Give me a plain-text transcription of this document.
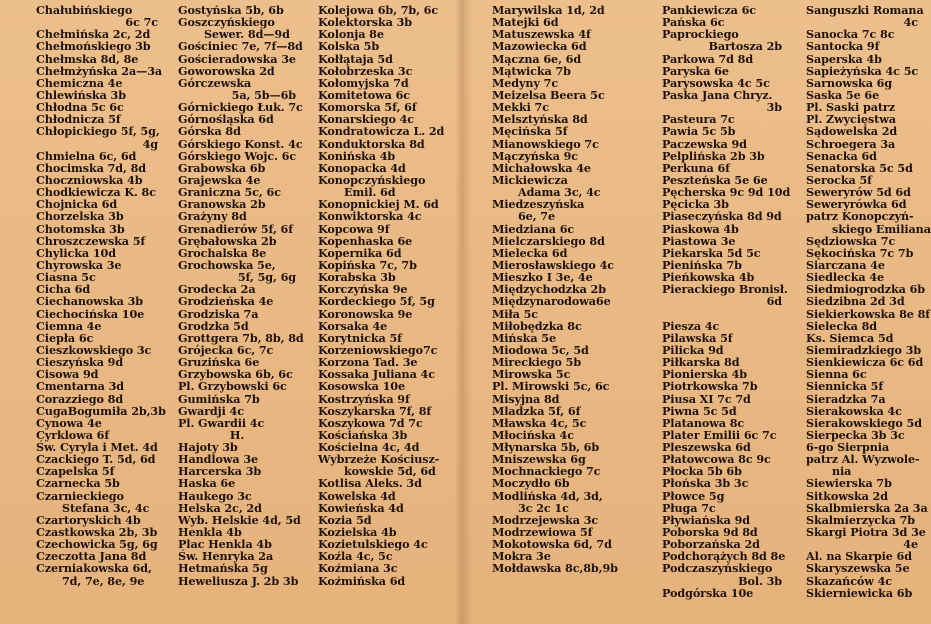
Chałubińskiego
6c 7c
Chełmińska 2c, 2d
Chełmońskiego 3b
Chełmska 8d, 8e
Chełmżyńska 2a—3a
Chemiczna 4e
Chlewińska 3b
Chłodna 5c 6c
Chłodnicza 5f
Chłopickiego 5f, 5g,
4g
Chmielna 6c, 6d
Chocimska 7d, 8d
Choczniowska 4b
Chodkiewicza K. 8c
Chojnicka 6d
Chorzelska 3b
Chotomska 3b
Chroszczewska 5f
Chylicka 10d
Chyrowska 3e
Ciasna 5c
Cicha 6d
Ciechanowska 3b
Ciechocińska 10e
Ciemna 4e
Ciepła 6c
Cieszkowskiego 3c
Cieszyńska 9d
Cisowa 9d
Cmentarna 3d
Corazziego 8d
CugaBogumiła 2b,3b
Cynowa 4e
Cyrklowa 6f
Św. Cyryla i Met. 4d
Czackiego T. 5d, 6d
Czapelska 5f
Czarnecka 5b
Czarnieckiego
Stefana 3c, 4c
Czartoryskich 4b
Czastkowska 2b, 3b
Czechowicka 5g, 6g
Czeczotta Jana 8d
Czerniakowska 6d,
7d, 7e, 8e, 9e
Gostyńska 5b, 6b
Goszczyńskiego
Sewer. 8d—9d
Gościniec 7e, 7f—8d
Gościeradowska 3e
Goworowska 2d
Górczewska
5a, 5b—6b
Górnickiego Łuk. 7c
Górnośląska 6d
Górska 8d
Górskiego Konst. 4c
Górskiego Wojc. 6c
Grabowska 6b
Grajewska 4e
Graniczna 5c, 6c
Granowska 2b
Grażyny 8d
Grenadierów 5f, 6f
Grębałowska 2b
Grochalska 8e
Grochowska 5e,
5f, 5g, 6g
Grodecka 2a
Grodzieńska 4e
Grodziska 7a
Grodzka 5d
Grottgera 7b, 8b, 8d
Grójecka 6c, 7c
Gruzińska 6e
Grzybowska 6b, 6c
Pl. Grzybowski 6c
Gumińska 7b
Gwardji 4c
Pl. Gwardii 4c
H.
Hajoty 3b
Handlowa 3e
Harcerska 3b
Haska 6e
Haukego 3c
Helska 2c, 2d
Wyb. Helskie 4d, 5d
Henkla 4b
Plac Henkla 4b
Św. Henryka 2a
Hetmańska 5g
Heweliusza J. 2b 3b
Kolejowa 6b, 7b, 6c
Kolektorska 3b
Kolonja 8e
Kolska 5b
Kołłątaja 5d
Kołobrzeska 3c
Kołomyjska 7d
Komitetowa 6c
Komorska 5f, 6f
Konarskiego 4c
Kondratowicza L. 2d
Konduktorska 8d
Konińska 4b
Konopacka 4d
Konopczyńskiego
Emil. 6d
Konopnickiej M. 6d
Konwiktorska 4c
Kopcowa 9f
Kopenhaska 6e
Kopernika 6d
Kopińska 7c, 7b
Korabska 3b
Korczyńska 9e
Kordeckiego 5f, 5g
Koronowska 9e
Korsaka 4e
Korytnicka 5f
Korzeniowskiego7c
Korzona Tad. 3e
Kossaka Juliana 4c
Kosowska 10e
Kostrzyńska 9f
Koszykarska 7f, 8f
Koszykowa 7d 7c
Kościańska 3b
Kościelna 4c, 4d
Wybrzeże Kościusz-
kowskie 5d, 6d
Kotlisa Aleks. 3d
Kowelska 4d
Kowieńska 4d
Kozia 5d
Kozielska 4b
Kozietulskiego 4c
Koźla 4c, 5c
Koźmiana 3c
Koźmińska 6d
Marywilska 1d, 2d
Matejki 6d
Matuszewska 4f
Mazowiecka 6d
Mączna 6e, 6d
Mątwicka 7b
Medyny 7c
Meizelsa Beera 5c
Mekki 7c
Melsztyńska 8d
Męcińska 5f
Mianowskiego 7c
Mączyńska 9c
Michałowska 4e
Mickiewicza
Adama 3c, 4c
Miedzeszyńska
6e, 7e
Miedziana 6c
Mielczarskiego 8d
Mielecka 6d
Mierosławskiego 4c
Mieszko I 3e, 4e
Międzychodzka 2b
Międzynarodowa6e
Miła 5c
Miłobędzka 8c
Mińska 5e
Miodowa 5c, 5d
Mireckiego 5b
Mirowska 5c
Pl. Mirowski 5c, 6c
Misyjna 8d
Mladzka 5f, 6f
Mławska 4c, 5c
Młocińska 4c
Młynarska 5b, 6b
Mniszewska 6g
Mochnackiego 7c
Moczydło 6b
Modlińska 4d, 3d,
3c 2c 1c
Modrzejewska 3c
Modrzewiowa 5f
Mokotowska 6d, 7d
Mokra 3e
Mołdawska 8c,8b,9b
Pankiewicza 6c
Pańska 6c
Paprockiego
Bartosza 2b
Parkowa 7d 8d
Paryska 6e
Parysowska 4c 5c
Paska Jana Chryz.
3b
Pasteura 7c
Pawia 5c 5b
Paczewska 9d
Pelplińska 2b 3b
Perkuna 6f
Peszteńska 5e 6e
Pęcherska 9c 9d 10d
Pęcicka 3b
Piaseczyńska 8d 9d
Piaskowa 4b
Piastowa 3e
Piekarska 5d 5c
Pienińska 7b
Pieńkowska 4b
Pierackiego Bronisł.
6d
Piesza 4c
Pilawska 5f
Pilicka 9d
Piłkarska 8d
Pionierska 4b
Piotrkowska 7b
Piusa XI 7c 7d
Piwna 5c 5d
Platanowa 8c
Plater Emilii 6c 7c
Pleszewska 6d
Płatowcowa 8c 9c
Płocka 5b 6b
Płońska 3b 3c
Płowce 5g
Pługa 7c
Pływiańska 9d
Poborska 9d 8d
Poborzańska 2d
Podchorążych 8d 8e
Podczaszyńskiego
Bol. 3b
Podgórska 10e
Sanguszki Romana
4c
Sanocka 7c 8c
Santocka 9f
Saperska 4b
Sapieżyńska 4c 5c
Sarnowska 6g
Saska 5e 6e
Pl. Saski patrz
Pl. Zwycięstwa
Sądowelska 2d
Schroegera 3a
Senacka 6d
Senatorska 5c 5d
Serocka 5f
Seweryrów 5d 6d
Seweryrówka 6d
patrz Konopczyń-
skiego Emiliana
Sędziowska 7c
Sękocińska 7c 7b
Siarczana 4e
Siedlecka 4e
Siedmiogrodzka 6b
Siedzibna 2d 3d
Siekierkowska 8e 8f
Sielecka 8d
Ks. Siemca 5d
Siemiradzkiego 3b
Sienkiewicza 6c 6d
Sienna 6c
Siennicka 5f
Sieradzka 7a
Sierakowska 4c
Sierakowskiego 5d
Sierpecka 3b 3c
6-go Sierpnia
patrz Al. Wyzwole-
nia
Siewierska 7b
Sitkowska 2d
Skalbmierska 2a 3a
Skalmierzycka 7b
Skargi Piotra 3d 3e
4e
Al. na Skarpie 6d
Skaryszewska 5e
Skazańców 4c
Skierniewicka 6b
